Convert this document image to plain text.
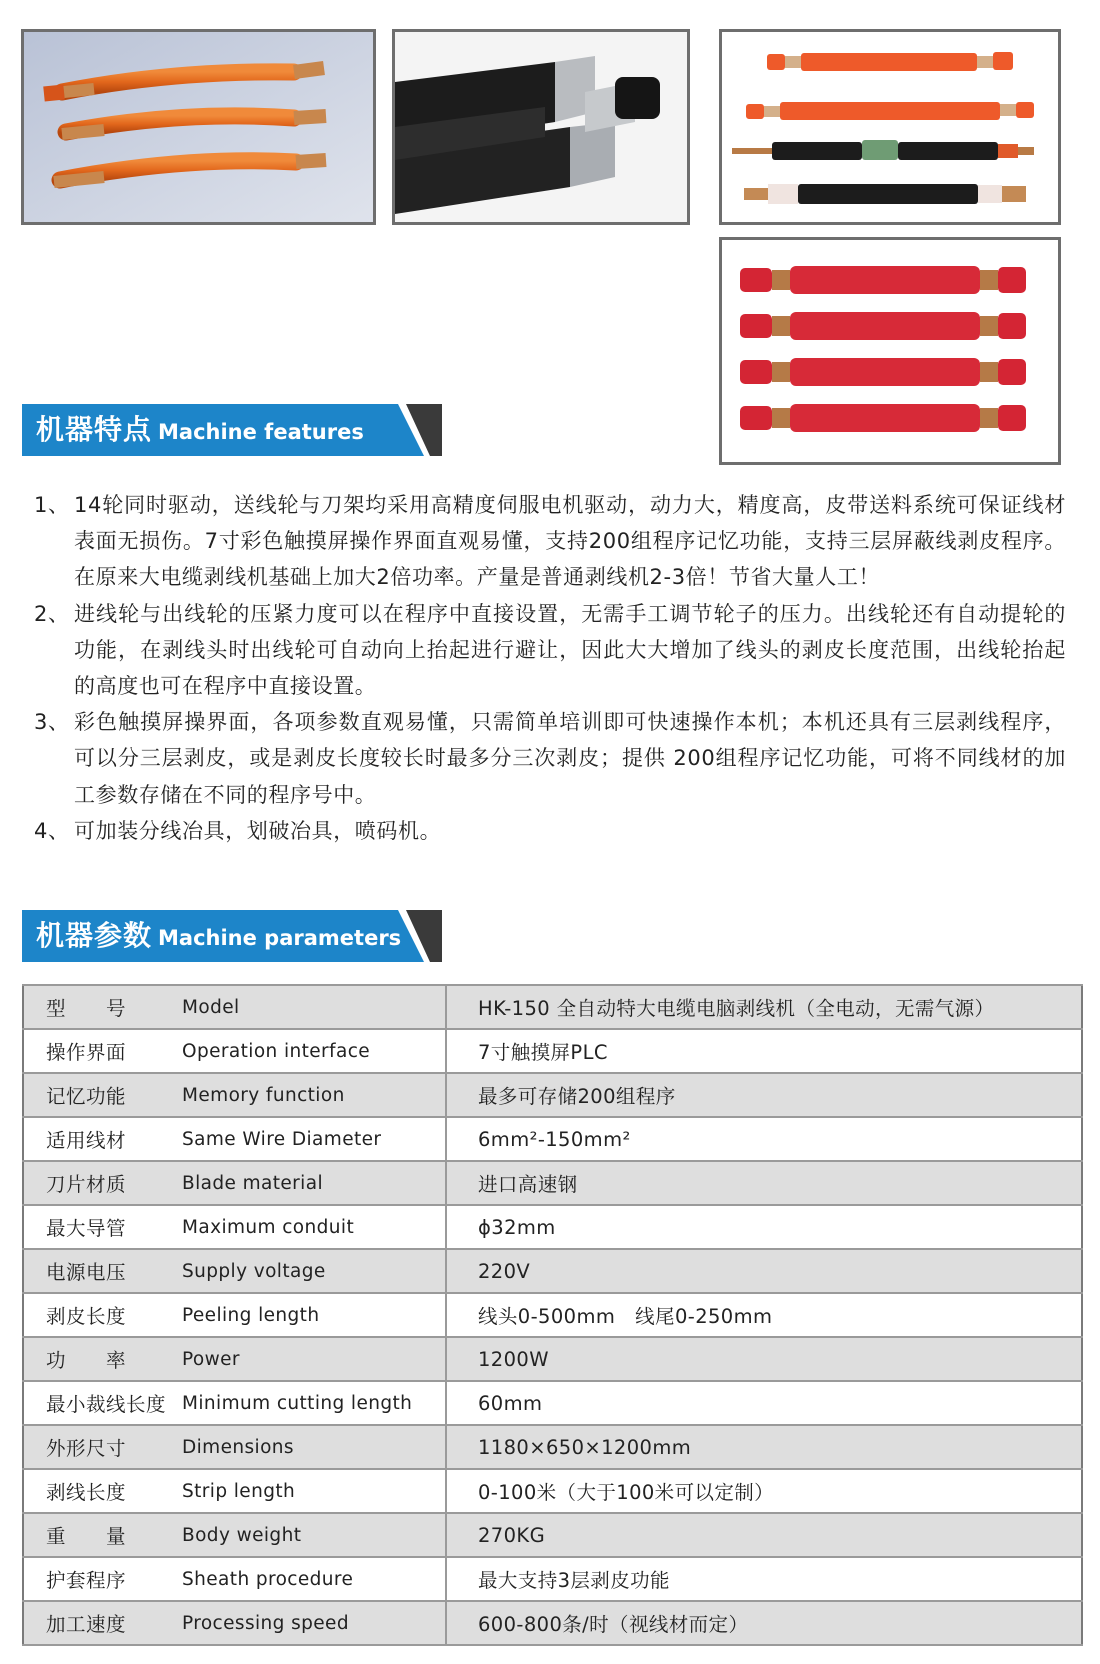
机器特点 Machine features
1、 14轮同时驱动，送线轮与刀架均采用高精度伺服电机驱动，动力大，精度高，皮带送料系统可保证线材表面无损伤。7寸彩色触摸屏操作界面直观易懂，支持200组程序记忆功能，支持三层屏蔽线剥皮程序。在原来大电缆剥线机基础上加大2倍功率。产量是普通剥线机2-3倍！节省大量人工！
2、 进线轮与出线轮的压紧力度可以在程序中直接设置，无需手工调节轮子的压力。出线轮还有自动提轮的功能，在剥线头时出线轮可自动向上抬起进行避让，因此大大增加了线头的剥皮长度范围，出线轮抬起的高度也可在程序中直接设置。
3、 彩色触摸屏操界面，各项参数直观易懂，只需简单培训即可快速操作本机；本机还具有三层剥线程序，可以分三层剥皮，或是剥皮长度较长时最多分三次剥皮；提供 200组程序记忆功能，可将不同线材的加工参数存储在不同的程序号中。
4、 可加装分线冶具，划破冶具，喷码机。
机器参数 Machine parameters
型　　号	Model	HK-150 全自动特大电缆电脑剥线机（全电动，无需气源）
操作界面	Operation interface	7寸触摸屏PLC
记忆功能	Memory function	最多可存储200组程序
适用线材	Same Wire Diameter	6mm²-150mm²
刀片材质	Blade material	进口高速钢
最大导管	Maximum conduit	ϕ32mm
电源电压	Supply voltage	220V
剥皮长度	Peeling length	线头0-500mm　线尾0-250mm
功　　率	Power	1200W
最小裁线长度	Minimum cutting length	60mm
外形尺寸	Dimensions	1180×650×1200mm
剥线长度	Strip length	0-100米（大于100米可以定制）
重　　量	Body weight	270KG
护套程序	Sheath procedure	最大支持3层剥皮功能
加工速度	Processing speed	600-800条/时（视线材而定）
